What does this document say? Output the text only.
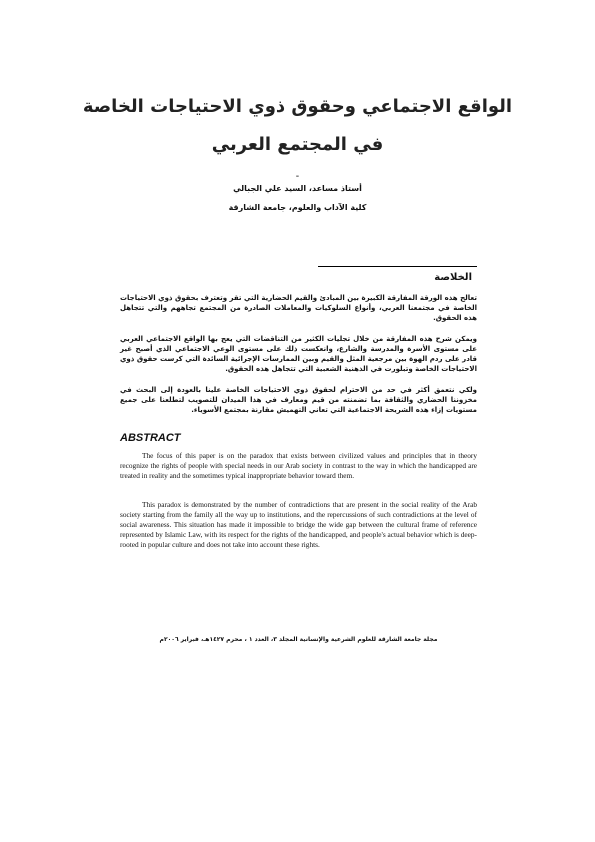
الواقع الاجتماعي وحقوق ذوي الاحتياجات الخاصة
في المجتمع العربي
-
أستاذ مساعد، السيد علي الجبالي
كلية الآداب والعلوم، جامعة الشارقة
الخلاصة

تعالج هذه الورقة المفارقة الكبيرة بين المبادئ والقيم الحضارية التي تقر وتعترف بحقوق ذوي الاحتياجات الخاصة في مجتمعنا العربي، وأنواع السلوكيات والمعاملات الصادرة من المجتمع تجاههم والتي تتجاهل هذه الحقوق.

ويمكن شرح هذه المفارقة من خلال تجليات الكثير من التناقضات التي يعج بها الواقع الاجتماعي العربي على مستوى الأسرة والمدرسة والشارع، وانعكست ذلك على مستوى الوعي الاجتماعي الذي أصبح غير قادر على ردم الهوة بين مرجعية المثل والقيم وبين الممارسات الإجرائية السائدة التي كرست حقوق ذوي الاحتياجات الخاصة وتبلورت في الذهنية الشعبية التي تتجاهل هذه الحقوق.

ولكي نتعمق أكثر في حد من الاحترام لحقوق ذوي الاحتياجات الخاصة علينا بالعودة إلى البحث في مخزوننا الحضاري والثقافة بما تضمنته من قيم ومعارف في هذا الميدان للتصويب لتطلعنا على جميع مستويات إزاء هذه الشريحة الاجتماعية التي تعاني التهميش مقارنة بمجتمع الأسوياء.

ABSTRACT

The focus of this paper is on the paradox that exists between civilized values and principles that in theory recognize the rights of people with special needs in our Arab society in contrast to the way in which the handicapped are treated in reality and the sometimes typical inappropriate behavior toward them.

This paradox is demonstrated by the number of contradictions that are present in the social reality of the Arab society starting from the family all the way up to institutions, and the repercussions of such contradictions at the level of social awareness. This situation has made it impossible to bridge the wide gap between the cultural frame of reference represented by Islamic Law, with its respect for the rights of the handicapped, and people's actual behavior which is deep-rooted in popular culture and does not take into account these rights.

مجلة جامعة الشارقة للعلوم الشرعية والإنسانية المجلد ٣، العدد ١ ، محرم ١٤٢٧هـ، فبراير ٢٠٠٦م
